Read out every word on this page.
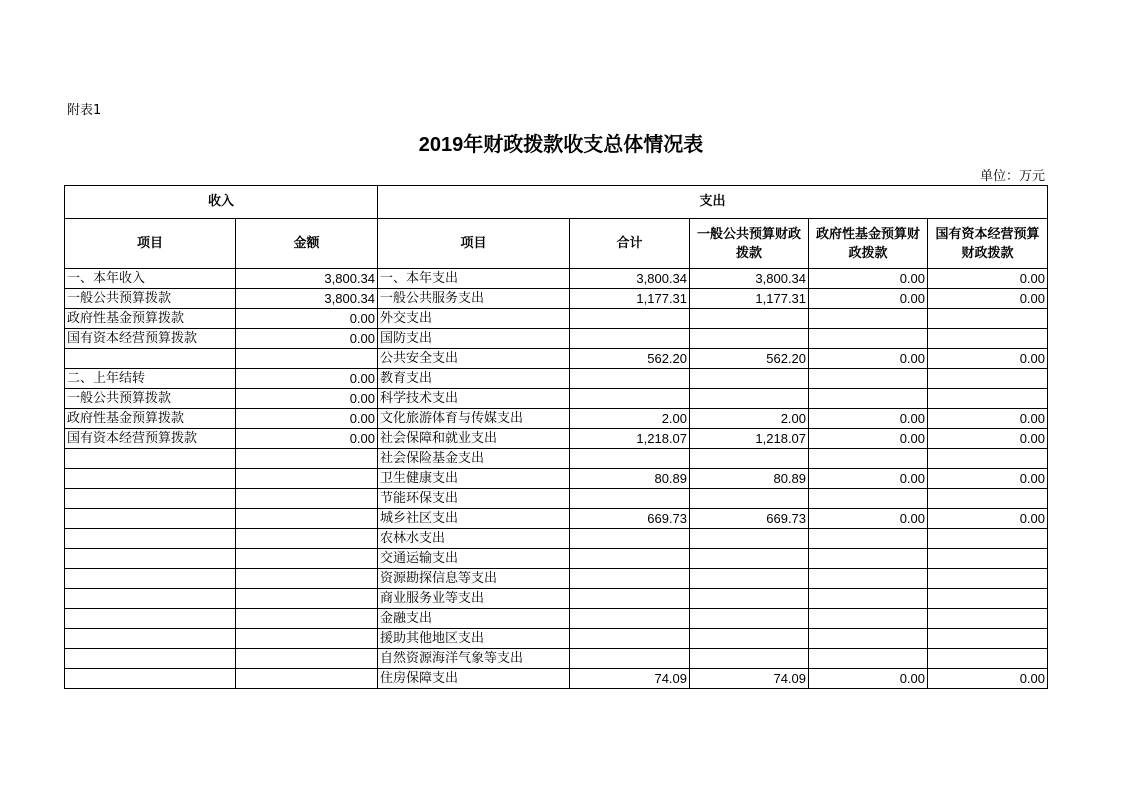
附表1
2019年财政拨款收支总体情况表
单位：万元
收入		支出				
项目	金额	项目	合计	一般公共预算财政拨款	政府性基金预算财政拨款	国有资本经营预算财政拨款
一、本年收入	3,800.34	一、本年支出	3,800.34	3,800.34	0.00	0.00
一般公共预算拨款	3,800.34	一般公共服务支出	1,177.31	1,177.31	0.00	0.00
政府性基金预算拨款	0.00	外交支出				
国有资本经营预算拨款	0.00	国防支出				
		公共安全支出	562.20	562.20	0.00	0.00
二、上年结转	0.00	教育支出				
一般公共预算拨款	0.00	科学技术支出				
政府性基金预算拨款	0.00	文化旅游体育与传媒支出	2.00	2.00	0.00	0.00
国有资本经营预算拨款	0.00	社会保障和就业支出	1,218.07	1,218.07	0.00	0.00
		社会保险基金支出				
		卫生健康支出	80.89	80.89	0.00	0.00
		节能环保支出				
		城乡社区支出	669.73	669.73	0.00	0.00
		农林水支出				
		交通运输支出				
		资源勘探信息等支出				
		商业服务业等支出				
		金融支出				
		援助其他地区支出				
		自然资源海洋气象等支出				
		住房保障支出	74.09	74.09	0.00	0.00
